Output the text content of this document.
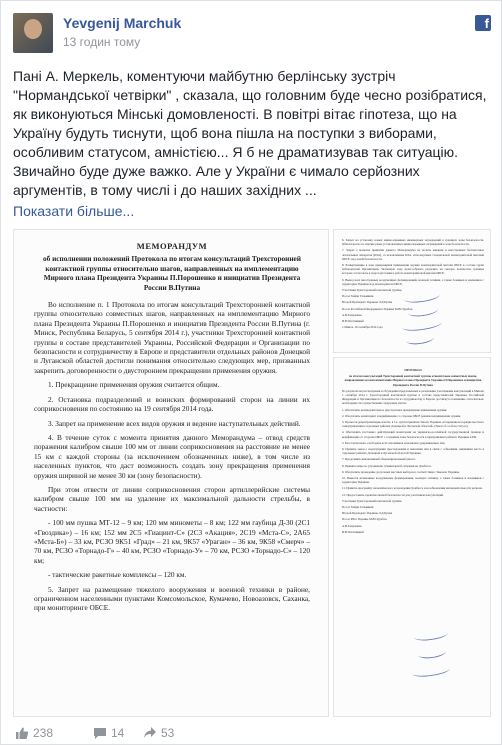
Yevgenij Marchuk
13 годин тому
f
Пані А. Меркель, коментуючи майбутню берлінську зустріч "Нормандської четвірки" , сказала, що головним буде чесно розібратися, як виконуються Мінські домовленості. В повітрі вітає гіпотеза, що на Україну будуть тиснути, щоб вона пішла на поступки з виборами, особливим статусом, амністією... Я б не драматизував так ситуацію. Звичайно буде дуже важко. Але у України є чимало серйозних аргументів, в тому числі і до наших західних ...
Показати більше...
МЕМОРАНДУМ
об исполнении положений Протокола по итогам консультаций Трехсторонней контактной группы относительно шагов, направленных на имплементацию Мирного плана Президента Украины П.Порошенко и инициатив Президента России В.Путина

Во исполнение п. 1 Протокола по итогам консультаций Трехсторонней контактной группы относительно совместных шагов, направленных на имплементацию Мирного плана Президента Украины П.Порошенко и инициатив Президента России В.Путина (г. Минск, Республика Беларусь, 5 сентября 2014 г.), участники Трехсторонней контактной группы в составе представителей Украины, Российской Федерации и Организации по безопасности и сотрудничеству в Европе и представители отдельных районов Донецкой и Луганской областей достигли понимания относительно следующих мер, призванных закрепить договоренности о двустороннем прекращении применения оружия.

1. Прекращение применения оружия считается общим.

2. Остановка подразделений и воинских формирований сторон на линии их соприкосновения по состоянию на 19 сентября 2014 года.

3. Запрет на применение всех видов оружия и ведение наступательных действий.

4. В течение суток с момента принятия данного Меморандума – отвод средств поражения калибром свыше 100 мм от линии соприкосновения на расстояние не менее 15 км с каждой стороны (за исключением обозначенных ниже), в том числе из населенных пунктов, что даст возможность создать зону прекращения применения оружия шириной не менее 30 км (зону безопасности).

При этом отвести от линии соприкосновения сторон артиллерийские системы калибром свыше 100 мм на удаление их максимальной дальности стрельбы, в частности:

- 100 мм пушка МТ-12 – 9 км; 120 мм минометы – 8 км; 122 мм гаубица Д-30 (2С1 «Гвоздика») – 16 км; 152 мм 2С5 «Гиацинт-С» (2С3 «Акация», 2С19 «Мста-С», 2А65 «Мста-Б») – 33 км, РСЗО 9К51 «Град» – 21 км, 9К57 «Ураган» – 36 км, 9К58 «Смерч» – 70 км, РСЗО «Торнадо-Г» – 40 км, РСЗО «Торнадо-У» – 70 км, РСЗО «Торнадо-С» – 120 км;

- тактические ракетные комплексы – 120 км.

5. Запрет на размещение тяжелого вооружения и военной техники в районе, ограниченном населенными пунктами Комсомольское, Кумачево, Новоазовск, Саханка, при мониторинге ОБСЕ.

6. Запрет на установку новых минно-взрывных инженерных заграждений в границах зоны безопасности. Обязательство по снятию ранее установленных минно-взрывных заграждений в зоне безопасности.

7. Запрет с момента принятия данного Меморандума на полеты авиации и иностранных беспилотных летательных аппаратов (БЛА), за исключением БЛА, используемых Специальной мониторинговой миссией ОБСЕ, над зоной безопасности.

8. Развертывание в зоне прекращения применения оружия мониторинговой миссии ОБСЕ в составе групп наблюдателей Организации. Указанную зону целесообразно разделить на сектора, количество границы которых согласовать в ходе подготовки к работе мониторинговой миссии ОБСЕ.

9. Вывод всех иностранных вооруженных формирований, военной техники, а также боевиков и наемников с территории Украины под мониторингом ОБСЕ.

Участники Трехсторонней контактной группы:

Посол Хайди Тальявини

Второй Президент Украины Л.Д.Кучма

Посол Российской Федерации в Украине М.Ю.Зурабов

А.В.Захарченко

И.В.Плотницкий

г. Минск, 19 сентября 2014 года

ПРОТОКОЛ

по итогам консультаций Трехсторонней контактной группы относительно совместных шагов, направленных на имплементацию Мирного плана Президента Украины П.Порошенко и инициатив Президента России В.Путина

По результатам рассмотрения и обсуждения предложенных к реализации участниками консультаций в Минске 1 сентября 2014 г. Трехсторонней контактной группы в составе представителей Украины, Российской Федерации и Организации по безопасности и сотрудничеству в Европе достигнуто понимание относительно необходимости осуществления следующих шагов:

1. Обеспечить незамедлительное двустороннее прекращение применения оружия.

2. Обеспечить мониторинг и верификацию со стороны ОБСЕ режима неприменения оружия.

3. Провести децентрализацию власти, в т.ч. путем принятия Закона Украины «О временном порядке местного самоуправления в отдельных районах Донецкой и Луганской областей» (Закон об особом статусе).

4. Обеспечить постоянно действующий мониторинг на украинско-российской государственной границе и верификацию со стороны ОБСЕ с созданием зоны безопасности в приграничных районах Украины и РФ.

5. Безотлагательно освободить всех заложников и незаконно удерживаемых лиц.

6. Принять закон о недопущении преследования и наказания лиц в связи с событиями, имевшими место в отдельных районах Донецкой и Луганской областей Украины.

7. Продолжить инклюзивный общенациональный диалог.

8. Принять меры по улучшению гуманитарной ситуации на Донбассе.

9. Обеспечить проведение досрочных местных выборов в соответствии с Законом Украины.

10. Вывести незаконные вооруженные формирования, военную технику, а также боевиков и наемников с территории Украины.

11. Принять программу экономического возрождения Донбасса и возобновления жизнедеятельности региона.

12. Предоставить гарантии личной безопасности для участников консультаций.

Участники Трехсторонней контактной группы:

Посол Хайди Тальявини

Второй Президент Украины Л.Д.Кучма

Посол РФ в Украине М.Ю.Зурабов

А.В.Захарченко

И.В.Плотницкий

238	14	53
